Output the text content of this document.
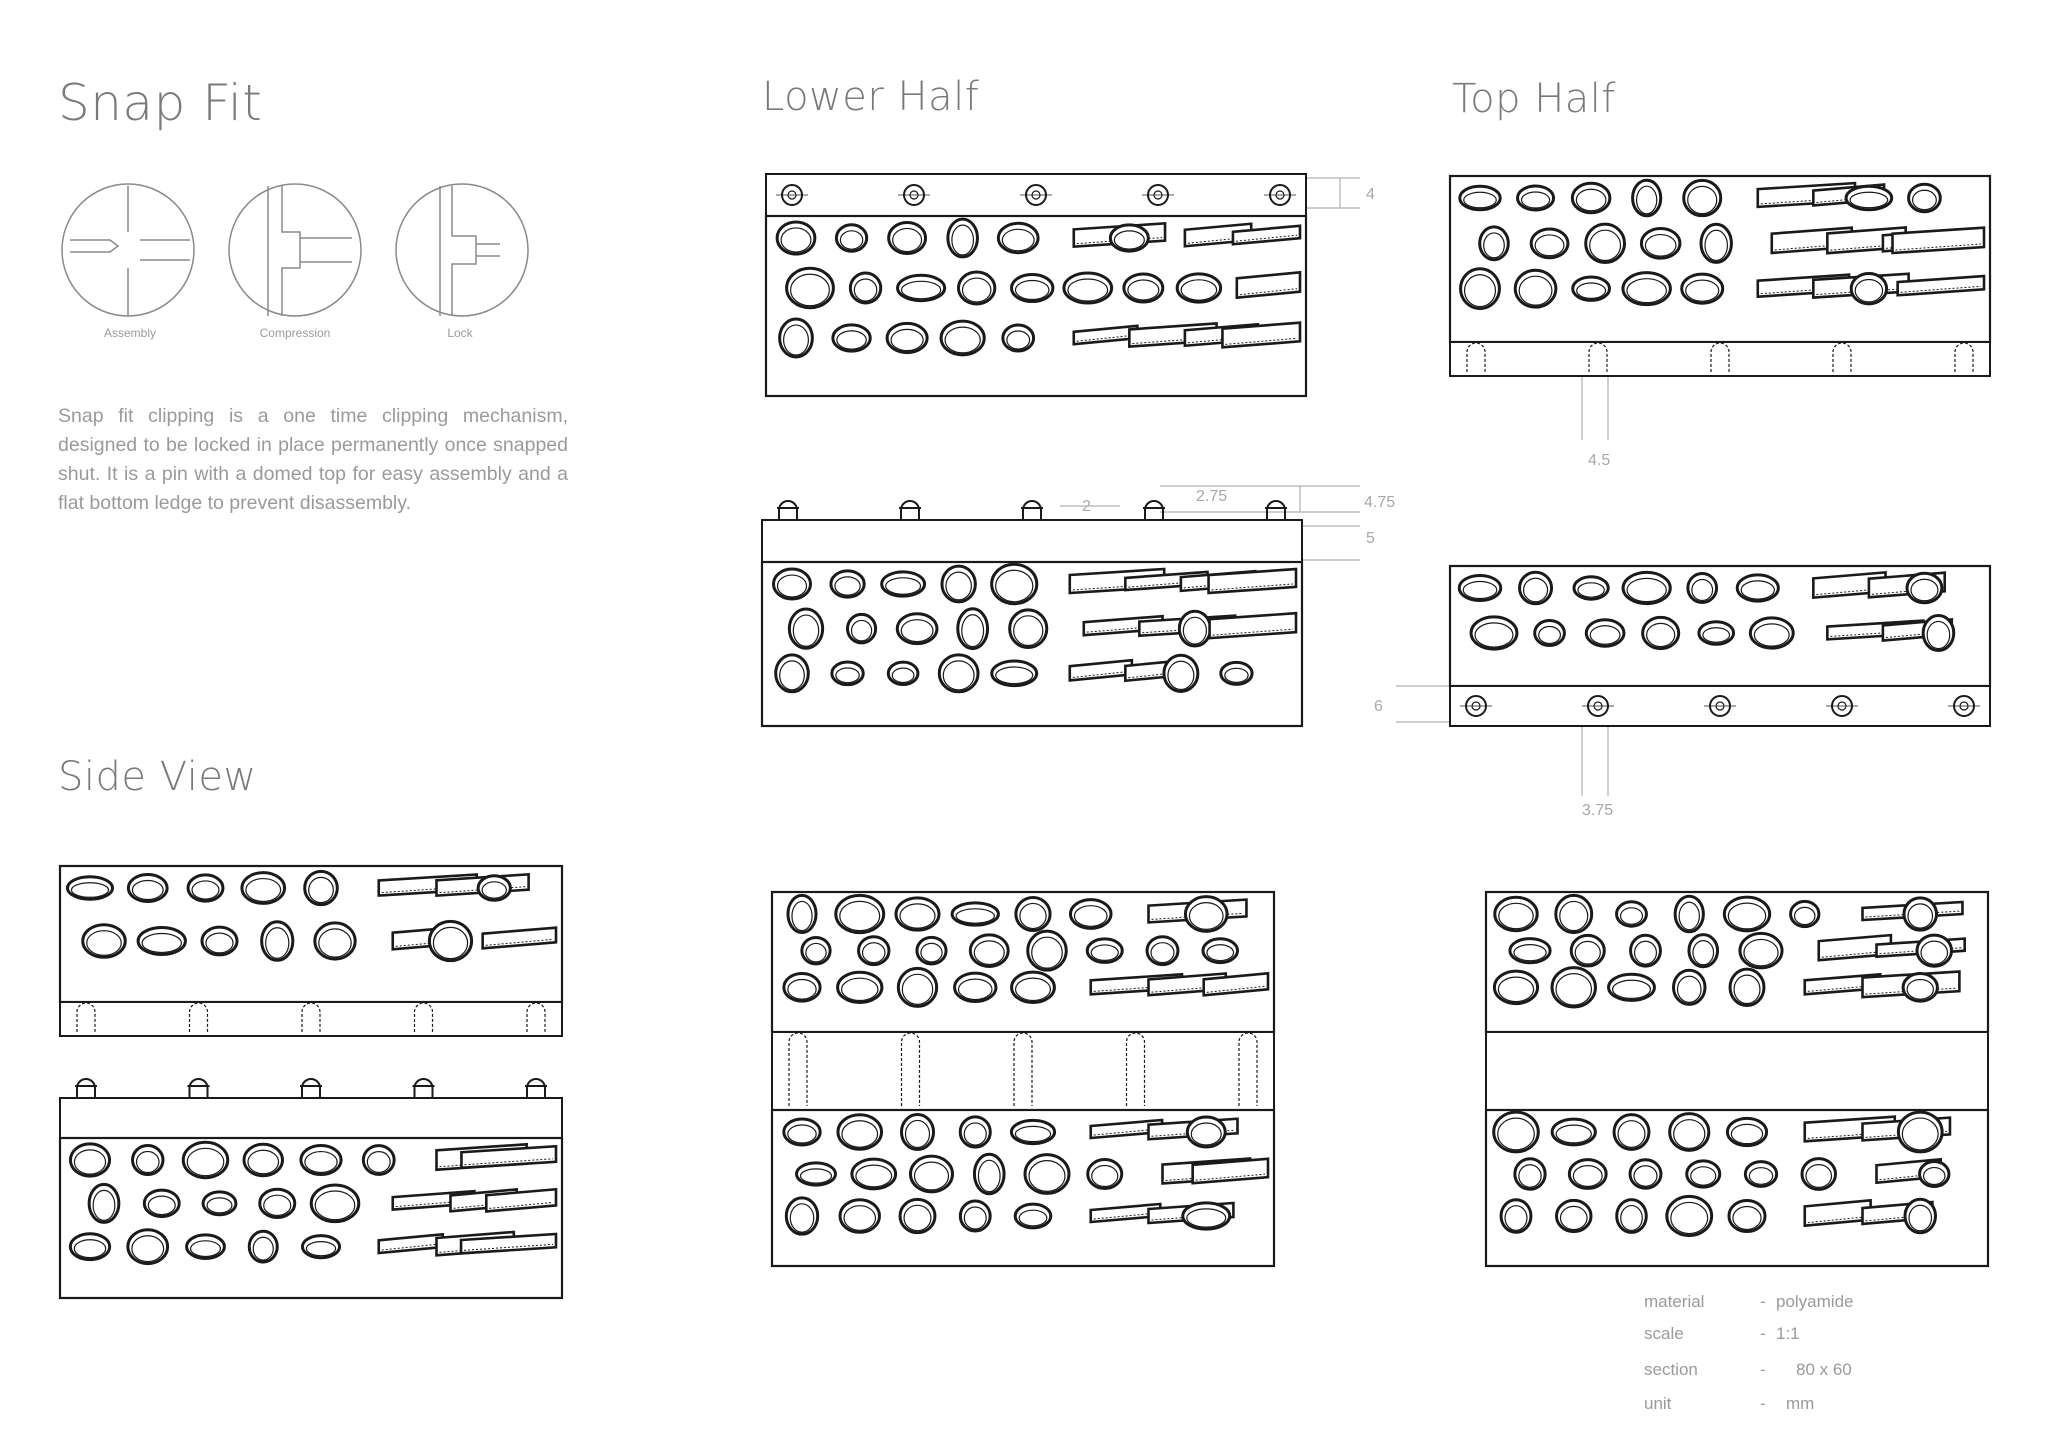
Snap Fit	Lower Half	Top Half
Side View
Snap fit clipping is a one time clipping mechanism, designed to be locked in place permanently once snapped shut. It is a pin with a domed top for easy assembly and a flat bottom ledge to prevent disassembly.
Assembly	Compression	Lock
4
2
2.75	4.75
5
4.5
6
3.75
material	- polyamide
scale	- 1:1
section	- 80 x 60
unit	- mm
